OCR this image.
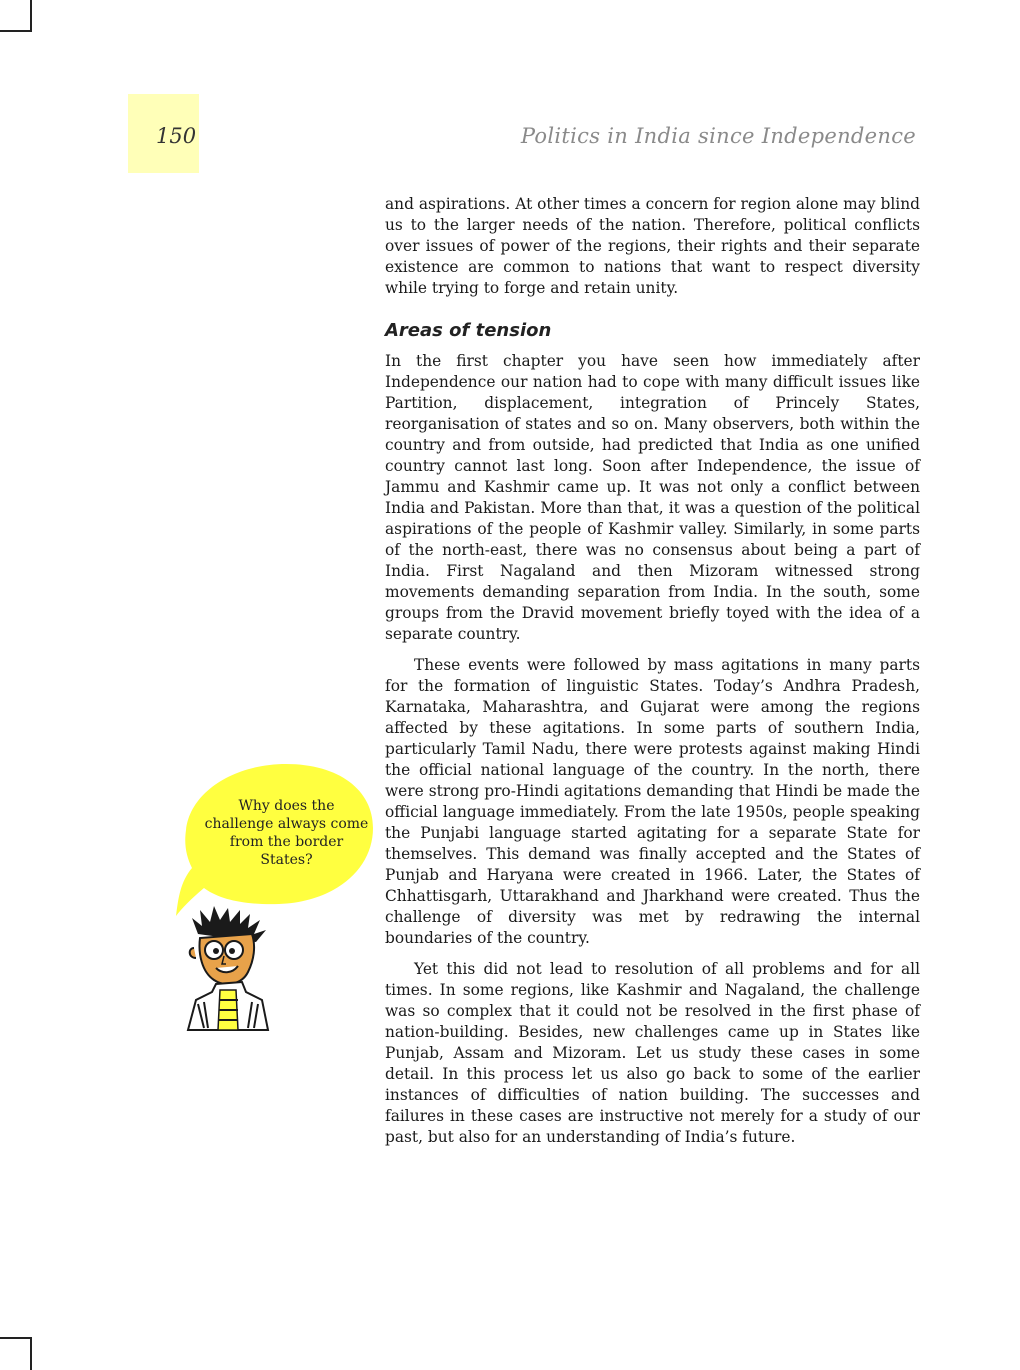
150	Politics in India since Independence

and aspirations. At other times a concern for region alone may blind us to the larger needs of the nation. Therefore, political conflicts over issues of power of the regions, their rights and their separate existence are common to nations that want to respect diversity while trying to forge and retain unity.

Areas of tension

In the first chapter you have seen how immediately after Independence our nation had to cope with many difficult issues like Partition, displacement, integration of Princely States, reorganisation of states and so on. Many observers, both within the country and from outside, had predicted that India as one unified country cannot last long. Soon after Independence, the issue of Jammu and Kashmir came up. It was not only a conflict between India and Pakistan. More than that, it was a question of the political aspirations of the people of Kashmir valley. Similarly, in some parts of the north-east, there was no consensus about being a part of India. First Nagaland and then Mizoram witnessed strong movements demanding separation from India. In the south, some groups from the Dravid movement briefly toyed with the idea of a separate country.

These events were followed by mass agitations in many parts for the formation of linguistic States. Today’s Andhra Pradesh, Karnataka, Maharashtra, and Gujarat were among the regions affected by these agitations. In some parts of southern India, particularly Tamil Nadu, there were protests against making Hindi the official national language of the country. In the north, there were strong pro-Hindi agitations demanding that Hindi be made the official language immediately. From the late 1950s, people speaking the Punjabi language started agitating for a separate State for themselves. This demand was finally accepted and the States of Punjab and Haryana were created in 1966. Later, the States of Chhattisgarh, Uttarakhand and Jharkhand were created. Thus the challenge of diversity was met by redrawing the internal boundaries of the country.

Yet this did not lead to resolution of all problems and for all times. In some regions, like Kashmir and Nagaland, the challenge was so complex that it could not be resolved in the first phase of nation-building. Besides, new challenges came up in States like Punjab, Assam and Mizoram. Let us study these cases in some detail. In this process let us also go back to some of the earlier instances of difficulties of nation building. The successes and failures in these cases are instructive not merely for a study of our past, but also for an understanding of India’s future.

Why does the challenge always come from the border States?
